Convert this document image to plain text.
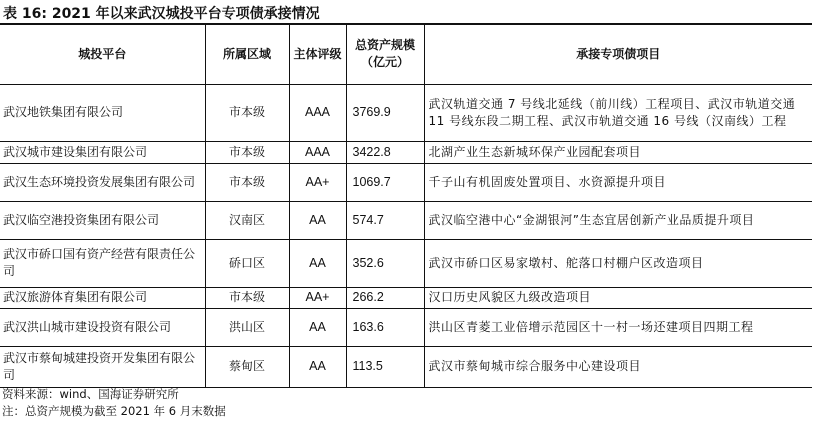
表 16: 2021 年以来武汉城投平台专项债承接情况
城投平台	所属区域	主体评级	总资产规模（亿元）	承接专项债项目
武汉地铁集团有限公司	市本级	AAA	3769.9	武汉轨道交通 7 号线北延线（前川线）工程项目、武汉市轨道交通 11 号线东段二期工程、武汉市轨道交通 16 号线（汉南线）工程
武汉城市建设集团有限公司	市本级	AAA	3422.8	北湖产业生态新城环保产业园配套项目
武汉生态环境投资发展集团有限公司	市本级	AA+	1069.7	千子山有机固废处置项目、水资源提升项目
武汉临空港投资集团有限公司	汉南区	AA	574.7	武汉临空港中心“金湖银河”生态宜居创新产业品质提升项目
武汉市硚口国有资产经营有限责任公司	硚口区	AA	352.6	武汉市硚口区易家墩村、舵落口村棚户区改造项目
武汉旅游体育集团有限公司	市本级	AA+	266.2	汉口历史风貌区九级改造项目
武汉洪山城市建设投资有限公司	洪山区	AA	163.6	洪山区青菱工业倍增示范园区十一村一场还建项目四期工程
武汉市蔡甸城建投资开发集团有限公司	蔡甸区	AA	113.5	武汉市蔡甸城市综合服务中心建设项目
资料来源：wind、国海证券研究所
注：总资产规模为截至 2021 年 6 月末数据
